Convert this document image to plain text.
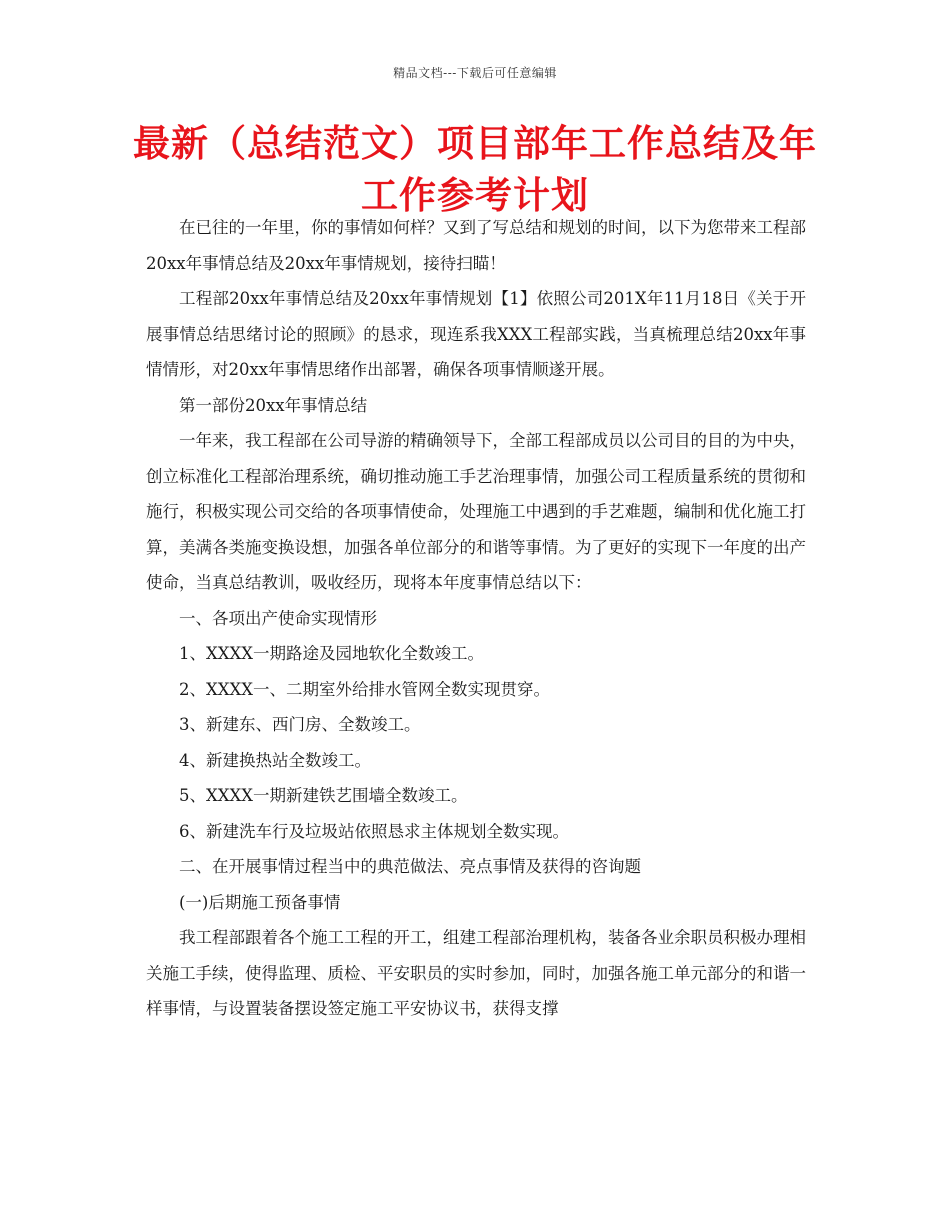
精品文档---下载后可任意编辑
最新（总结范文）项目部年工作总结及年工作参考计划

在已往的一年里，你的事情如何样？又到了写总结和规划的时间，以下为您带来工程部20xx年事情总结及20xx年事情规划，接待扫瞄！

工程部20xx年事情总结及20xx年事情规划【1】依照公司201X年11月18日《关于开展事情总结思绪讨论的照顾》的恳求，现连系我XXX工程部实践，当真梳理总结20xx年事情情形，对20xx年事情思绪作出部署，确保各项事情顺遂开展。

第一部份20xx年事情总结

一年来，我工程部在公司导游的精确领导下，全部工程部成员以公司目的目的为中央，创立标准化工程部治理系统，确切推动施工手艺治理事情，加强公司工程质量系统的贯彻和施行，积极实现公司交给的各项事情使命，处理施工中遇到的手艺难题，编制和优化施工打算，美满各类施变换设想，加强各单位部分的和谐等事情。为了更好的实现下一年度的出产使命，当真总结教训，吸收经历，现将本年度事情总结以下：

一、各项出产使命实现情形

1、XXXX一期路途及园地软化全数竣工。

2、XXXX一、二期室外给排水管网全数实现贯穿。

3、新建东、西门房、全数竣工。

4、新建换热站全数竣工。

5、XXXX一期新建铁艺围墙全数竣工。

6、新建洗车行及垃圾站依照恳求主体规划全数实现。

二、在开展事情过程当中的典范做法、亮点事情及获得的咨询题

(一)后期施工预备事情

我工程部跟着各个施工工程的开工，组建工程部治理机构，装备各业余职员积极办理相关施工手续，使得监理、质检、平安职员的实时参加，同时，加强各施工单元部分的和谐一样事情，与设置装备摆设签定施工平安协议书，获得支撑
